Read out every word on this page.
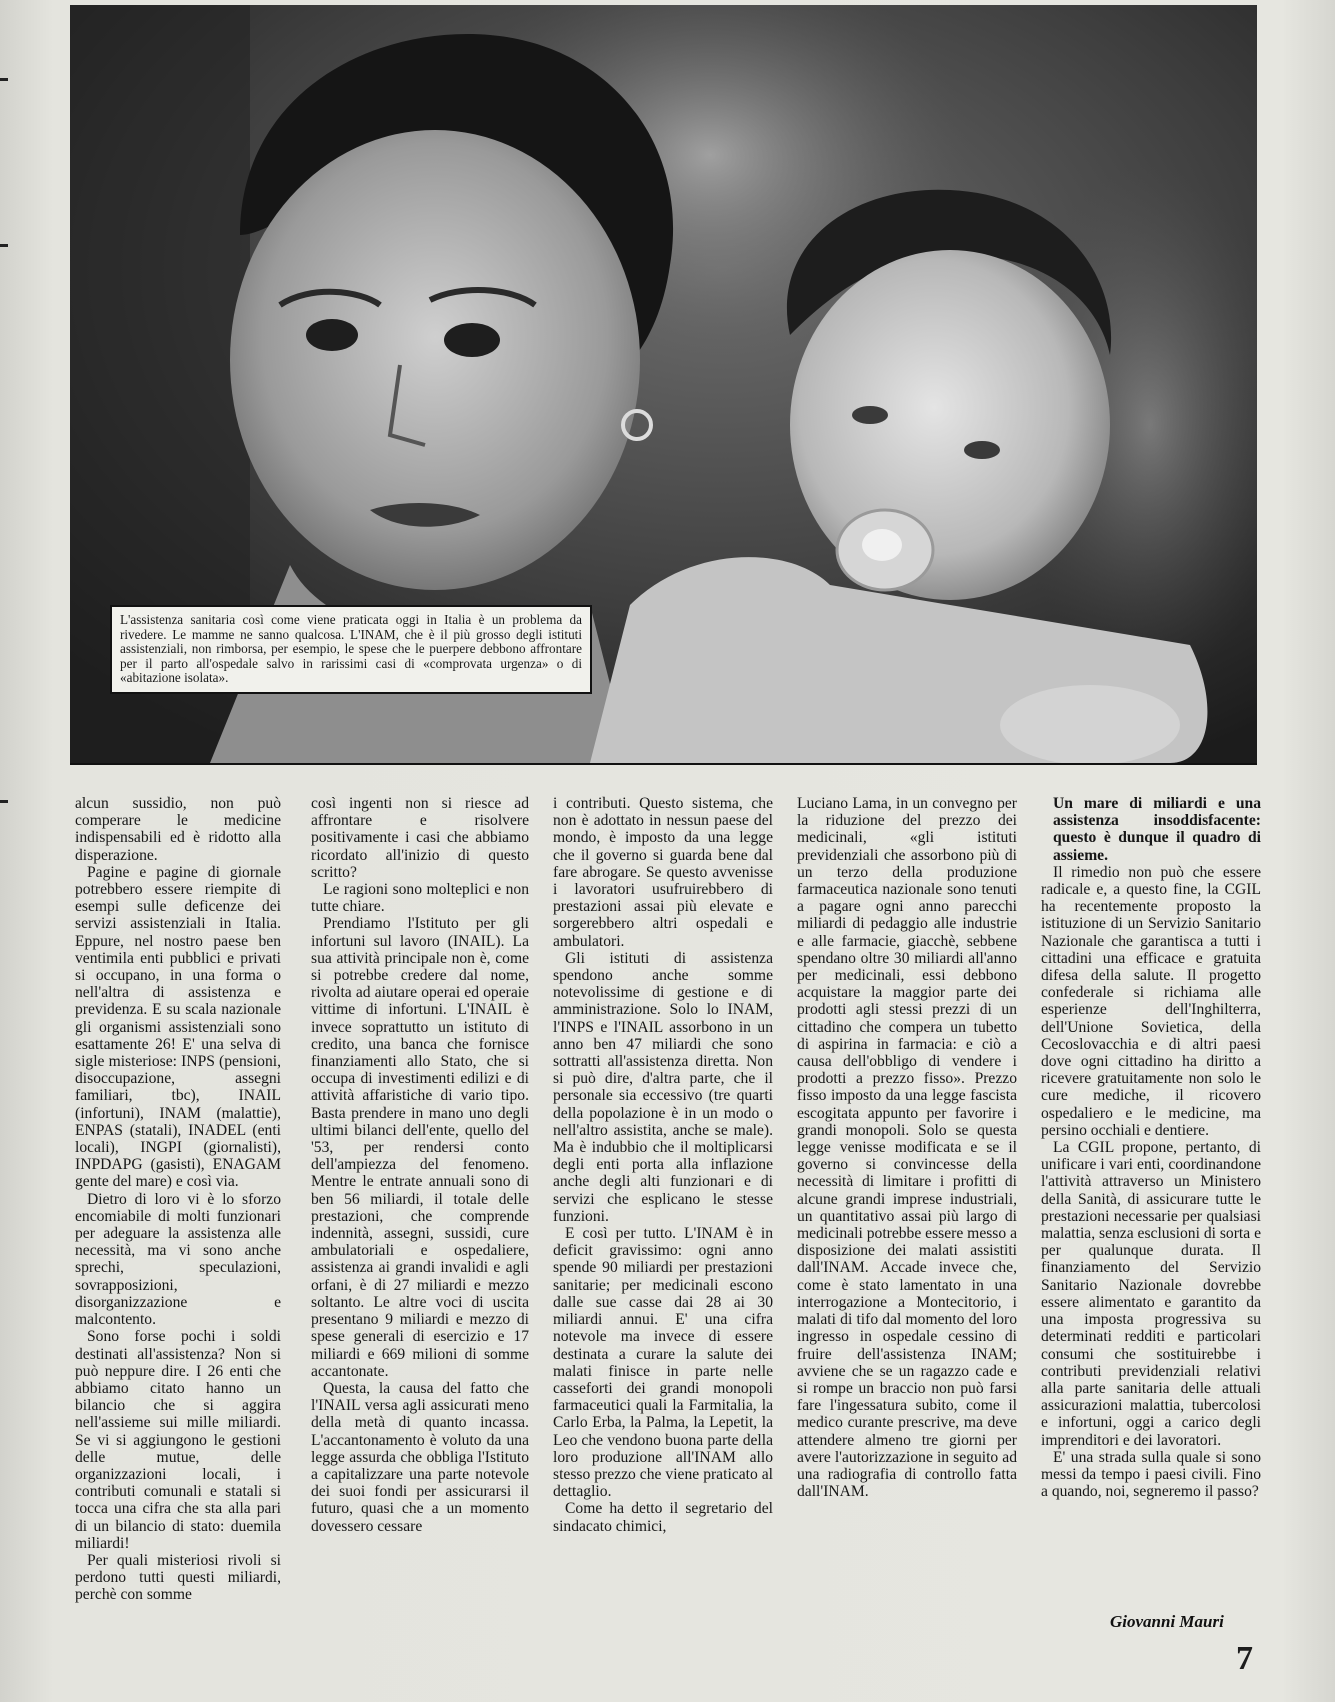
L'assistenza sanitaria così come viene praticata oggi in Italia è un problema da rivedere. Le mamme ne sanno qualcosa. L'INAM, che è il più grosso degli istituti assistenziali, non rimborsa, per esempio, le spese che le puerpere debbono affrontare per il parto all'ospedale salvo in rarissimi casi di «comprovata urgenza» o di «abitazione isolata».

alcun sussidio, non può comperare le medicine indispensabili ed è ridotto alla disperazione.

Pagine e pagine di giornale potrebbero essere riempite di esempi sulle deficenze dei servizi assistenziali in Italia. Eppure, nel nostro paese ben ventimila enti pubblici e privati si occupano, in una forma o nell'altra di assistenza e previdenza. E su scala nazionale gli organismi assistenziali sono esattamente 26! E' una selva di sigle misteriose: INPS (pensioni, disoccupazione, assegni familiari, tbc), INAIL (infortuni), INAM (malattie), ENPAS (statali), INADEL (enti locali), INGPI (giornalisti), INPDAPG (gasisti), ENAGAM gente del mare) e così via.

Dietro di loro vi è lo sforzo encomiabile di molti funzionari per adeguare la assistenza alle necessità, ma vi sono anche sprechi, speculazioni, sovrapposizioni, disorganizzazione e malcontento.

Sono forse pochi i soldi destinati all'assistenza? Non si può neppure dire. I 26 enti che abbiamo citato hanno un bilancio che si aggira nell'assieme sui mille miliardi. Se vi si aggiungono le gestioni delle mutue, delle organizzazioni locali, i contributi comunali e statali si tocca una cifra che sta alla pari di un bilancio di stato: duemila miliardi!

Per quali misteriosi rivoli si perdono tutti questi miliardi, perchè con somme

così ingenti non si riesce ad affrontare e risolvere positivamente i casi che abbiamo ricordato all'inizio di questo scritto?

Le ragioni sono molteplici e non tutte chiare.

Prendiamo l'Istituto per gli infortuni sul lavoro (INAIL). La sua attività principale non è, come si potrebbe credere dal nome, rivolta ad aiutare operai ed operaie vittime di infortuni. L'INAIL è invece soprattutto un istituto di credito, una banca che fornisce finanziamenti allo Stato, che si occupa di investimenti edilizi e di attività affaristiche di vario tipo. Basta prendere in mano uno degli ultimi bilanci dell'ente, quello del '53, per rendersi conto dell'ampiezza del fenomeno. Mentre le entrate annuali sono di ben 56 miliardi, il totale delle prestazioni, che comprende indennità, assegni, sussidi, cure ambulatoriali e ospedaliere, assistenza ai grandi invalidi e agli orfani, è di 27 miliardi e mezzo soltanto. Le altre voci di uscita presentano 9 miliardi e mezzo di spese generali di esercizio e 17 miliardi e 669 milioni di somme accantonate.

Questa, la causa del fatto che l'INAIL versa agli assicurati meno della metà di quanto incassa. L'accantonamento è voluto da una legge assurda che obbliga l'Istituto a capitalizzare una parte notevole dei suoi fondi per assicurarsi il futuro, quasi che a un momento dovessero cessare

i contributi. Questo sistema, che non è adottato in nessun paese del mondo, è imposto da una legge che il governo si guarda bene dal fare abrogare. Se questo avvenisse i lavoratori usufruirebbero di prestazioni assai più elevate e sorgerebbero altri ospedali e ambulatori.

Gli istituti di assistenza spendono anche somme notevolissime di gestione e di amministrazione. Solo lo INAM, l'INPS e l'INAIL assorbono in un anno ben 47 miliardi che sono sottratti all'assistenza diretta. Non si può dire, d'altra parte, che il personale sia eccessivo (tre quarti della popolazione è in un modo o nell'altro assistita, anche se male). Ma è indubbio che il moltiplicarsi degli enti porta alla inflazione anche degli alti funzionari e di servizi che esplicano le stesse funzioni.

E così per tutto. L'INAM è in deficit gravissimo: ogni anno spende 90 miliardi per prestazioni sanitarie; per medicinali escono dalle sue casse dai 28 ai 30 miliardi annui. E' una cifra notevole ma invece di essere destinata a curare la salute dei malati finisce in parte nelle casseforti dei grandi monopoli farmaceutici quali la Farmitalia, la Carlo Erba, la Palma, la Lepetit, la Leo che vendono buona parte della loro produzione all'INAM allo stesso prezzo che viene praticato al dettaglio.

Come ha detto il segretario del sindacato chimici,

Luciano Lama, in un convegno per la riduzione del prezzo dei medicinali, «gli istituti previdenziali che assorbono più di un terzo della produzione farmaceutica nazionale sono tenuti a pagare ogni anno parecchi miliardi di pedaggio alle industrie e alle farmacie, giacchè, sebbene spendano oltre 30 miliardi all'anno per medicinali, essi debbono acquistare la maggior parte dei prodotti agli stessi prezzi di un cittadino che compera un tubetto di aspirina in farmacia: e ciò a causa dell'obbligo di vendere i prodotti a prezzo fisso». Prezzo fisso imposto da una legge fascista escogitata appunto per favorire i grandi monopoli. Solo se questa legge venisse modificata e se il governo si convincesse della necessità di limitare i profitti di alcune grandi imprese industriali, un quantitativo assai più largo di medicinali potrebbe essere messo a disposizione dei malati assistiti dall'INAM. Accade invece che, come è stato lamentato in una interrogazione a Montecitorio, i malati di tifo dal momento del loro ingresso in ospedale cessino di fruire dell'assistenza INAM; avviene che se un ragazzo cade e si rompe un braccio non può farsi fare l'ingessatura subito, come il medico curante prescrive, ma deve attendere almeno tre giorni per avere l'autorizzazione in seguito ad una radiografia di controllo fatta dall'INAM.

Un mare di miliardi e una assistenza insoddisfacente: questo è dunque il quadro di assieme.

Il rimedio non può che essere radicale e, a questo fine, la CGIL ha recentemente proposto la istituzione di un Servizio Sanitario Nazionale che garantisca a tutti i cittadini una efficace e gratuita difesa della salute. Il progetto confederale si richiama alle esperienze dell'Inghilterra, dell'Unione Sovietica, della Cecoslovacchia e di altri paesi dove ogni cittadino ha diritto a ricevere gratuitamente non solo le cure mediche, il ricovero ospedaliero e le medicine, ma persino occhiali e dentiere.

La CGIL propone, pertanto, di unificare i vari enti, coordinandone l'attività attraverso un Ministero della Sanità, di assicurare tutte le prestazioni necessarie per qualsiasi malattia, senza esclusioni di sorta e per qualunque durata. Il finanziamento del Servizio Sanitario Nazionale dovrebbe essere alimentato e garantito da una imposta progressiva su determinati redditi e particolari consumi che sostituirebbe i contributi previdenziali relativi alla parte sanitaria delle attuali assicurazioni malattia, tubercolosi e infortuni, oggi a carico degli imprenditori e dei lavoratori.

E' una strada sulla quale si sono messi da tempo i paesi civili. Fino a quando, noi, segneremo il passo?

Giovanni Mauri
7
